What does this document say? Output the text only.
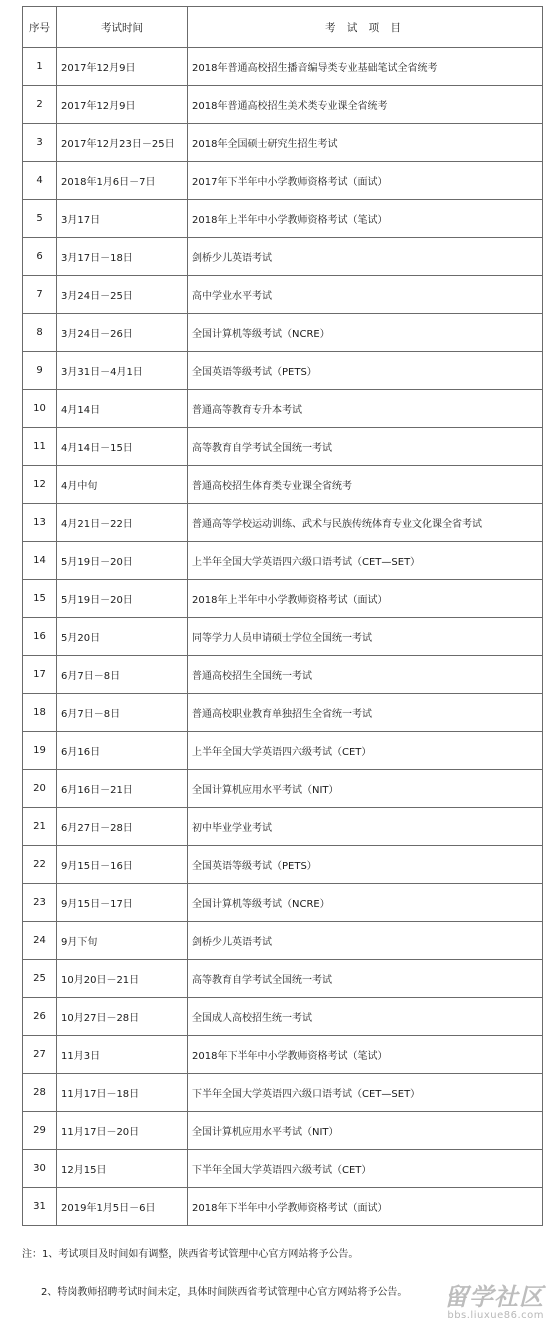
序号	考试时间	考 试 项 目
1	2017年12月9日	2018年普通高校招生播音编导类专业基础笔试全省统考
2	2017年12月9日	2018年普通高校招生美术类专业课全省统考
3	2017年12月23日－25日	2018年全国硕士研究生招生考试
4	2018年1月6日－7日	2017年下半年中小学教师资格考试（面试）
5	3月17日	2018年上半年中小学教师资格考试（笔试）
6	3月17日－18日	剑桥少儿英语考试
7	3月24日－25日	高中学业水平考试
8	3月24日－26日	全国计算机等级考试（NCRE）
9	3月31日－4月1日	全国英语等级考试（PETS）
10	4月14日	普通高等教育专升本考试
11	4月14日－15日	高等教育自学考试全国统一考试
12	4月中旬	普通高校招生体育类专业课全省统考
13	4月21日－22日	普通高等学校运动训练、武术与民族传统体育专业文化课全省考试
14	5月19日－20日	上半年全国大学英语四六级口语考试（CET—SET）
15	5月19日－20日	2018年上半年中小学教师资格考试（面试）
16	5月20日	同等学力人员申请硕士学位全国统一考试
17	6月7日－8日	普通高校招生全国统一考试
18	6月7日－8日	普通高校职业教育单独招生全省统一考试
19	6月16日	上半年全国大学英语四六级考试（CET）
20	6月16日－21日	全国计算机应用水平考试（NIT）
21	6月27日－28日	初中毕业学业考试
22	9月15日－16日	全国英语等级考试（PETS）
23	9月15日－17日	全国计算机等级考试（NCRE）
24	9月下旬	剑桥少儿英语考试
25	10月20日－21日	高等教育自学考试全国统一考试
26	10月27日－28日	全国成人高校招生统一考试
27	11月3日	2018年下半年中小学教师资格考试（笔试）
28	11月17日－18日	下半年全国大学英语四六级口语考试（CET—SET）
29	11月17日－20日	全国计算机应用水平考试（NIT）
30	12月15日	下半年全国大学英语四六级考试（CET）
31	2019年1月5日－6日	2018年下半年中小学教师资格考试（面试）
注：1、考试项目及时间如有调整，陕西省考试管理中心官方网站将予公告。
2、特岗教师招聘考试时间未定，具体时间陕西省考试管理中心官方网站将予公告。	留学社区
bbs.liuxue86.com
